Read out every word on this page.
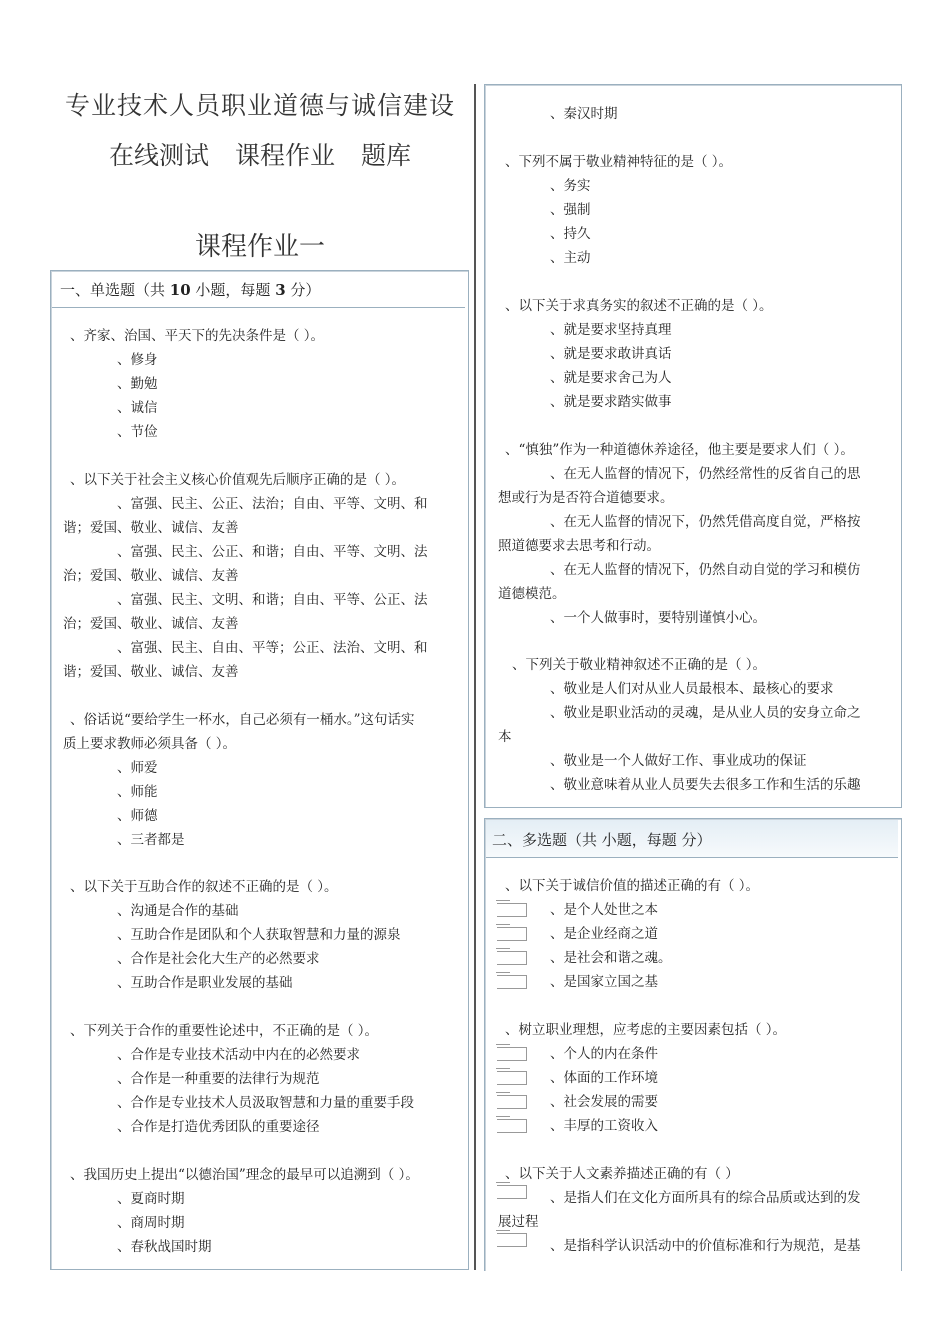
专业技术人员职业道德与诚信建设
在线测试 课程作业 题库
课程作业一
一、单选题（共 10 小题，每题 3 分）
二、多选题（共 小题，每题 分）
、齐家、治国、平天下的先决条件是（ ）。
、修身
、勤勉
、诚信
、节俭
、以下关于社会主义核心价值观先后顺序正确的是（ ）。
、富强、民主、公正、法治；自由、平等、文明、和
谐；爱国、敬业、诚信、友善
、富强、民主、公正、和谐；自由、平等、文明、法
治；爱国、敬业、诚信、友善
、富强、民主、文明、和谐；自由、平等、公正、法
治；爱国、敬业、诚信、友善
、富强、民主、自由、平等；公正、法治、文明、和
谐；爱国、敬业、诚信、友善
、俗话说“要给学生一杯水，自己必须有一桶水。”这句话实
质上要求教师必须具备（ ）。
、师爱
、师能
、师德
、三者都是
、以下关于互助合作的叙述不正确的是（ ）。
、沟通是合作的基础
、互助合作是团队和个人获取智慧和力量的源泉
、合作是社会化大生产的必然要求
、互助合作是职业发展的基础
、下列关于合作的重要性论述中，不正确的是（ ）。
、合作是专业技术活动中内在的必然要求
、合作是一种重要的法律行为规范
、合作是专业技术人员汲取智慧和力量的重要手段
、合作是打造优秀团队的重要途径
、我国历史上提出“以德治国”理念的最早可以追溯到（ ）。
、夏商时期
、商周时期
、春秋战国时期
、秦汉时期
、下列不属于敬业精神特征的是（ ）。
、务实
、强制
、持久
、主动
、以下关于求真务实的叙述不正确的是（ ）。
、就是要求坚持真理
、就是要求敢讲真话
、就是要求舍己为人
、就是要求踏实做事
、“慎独”作为一种道德休养途径，他主要是要求人们（ ）。
、在无人监督的情况下，仍然经常性的反省自己的思
想或行为是否符合道德要求。
、在无人监督的情况下，仍然凭借高度自觉，严格按
照道德要求去思考和行动。
、在无人监督的情况下，仍然自动自觉的学习和模仿
道德模范。
、一个人做事时，要特别谨慎小心。
、下列关于敬业精神叙述不正确的是（ ）。
、敬业是人们对从业人员最根本、最核心的要求
、敬业是职业活动的灵魂，是从业人员的安身立命之
本
、敬业是一个人做好工作、事业成功的保证
、敬业意味着从业人员要失去很多工作和生活的乐趣
、以下关于诚信价值的描述正确的有（ ）。
、是个人处世之本
、是企业经商之道
、是社会和谐之魂。
、是国家立国之基
、树立职业理想，应考虑的主要因素包括（ ）。
、个人的内在条件
、体面的工作环境
、社会发展的需要
、丰厚的工资收入
、以下关于人文素养描述正确的有（ ）
、是指人们在文化方面所具有的综合品质或达到的发
展过程
、是指科学认识活动中的价值标准和行为规范，是基
